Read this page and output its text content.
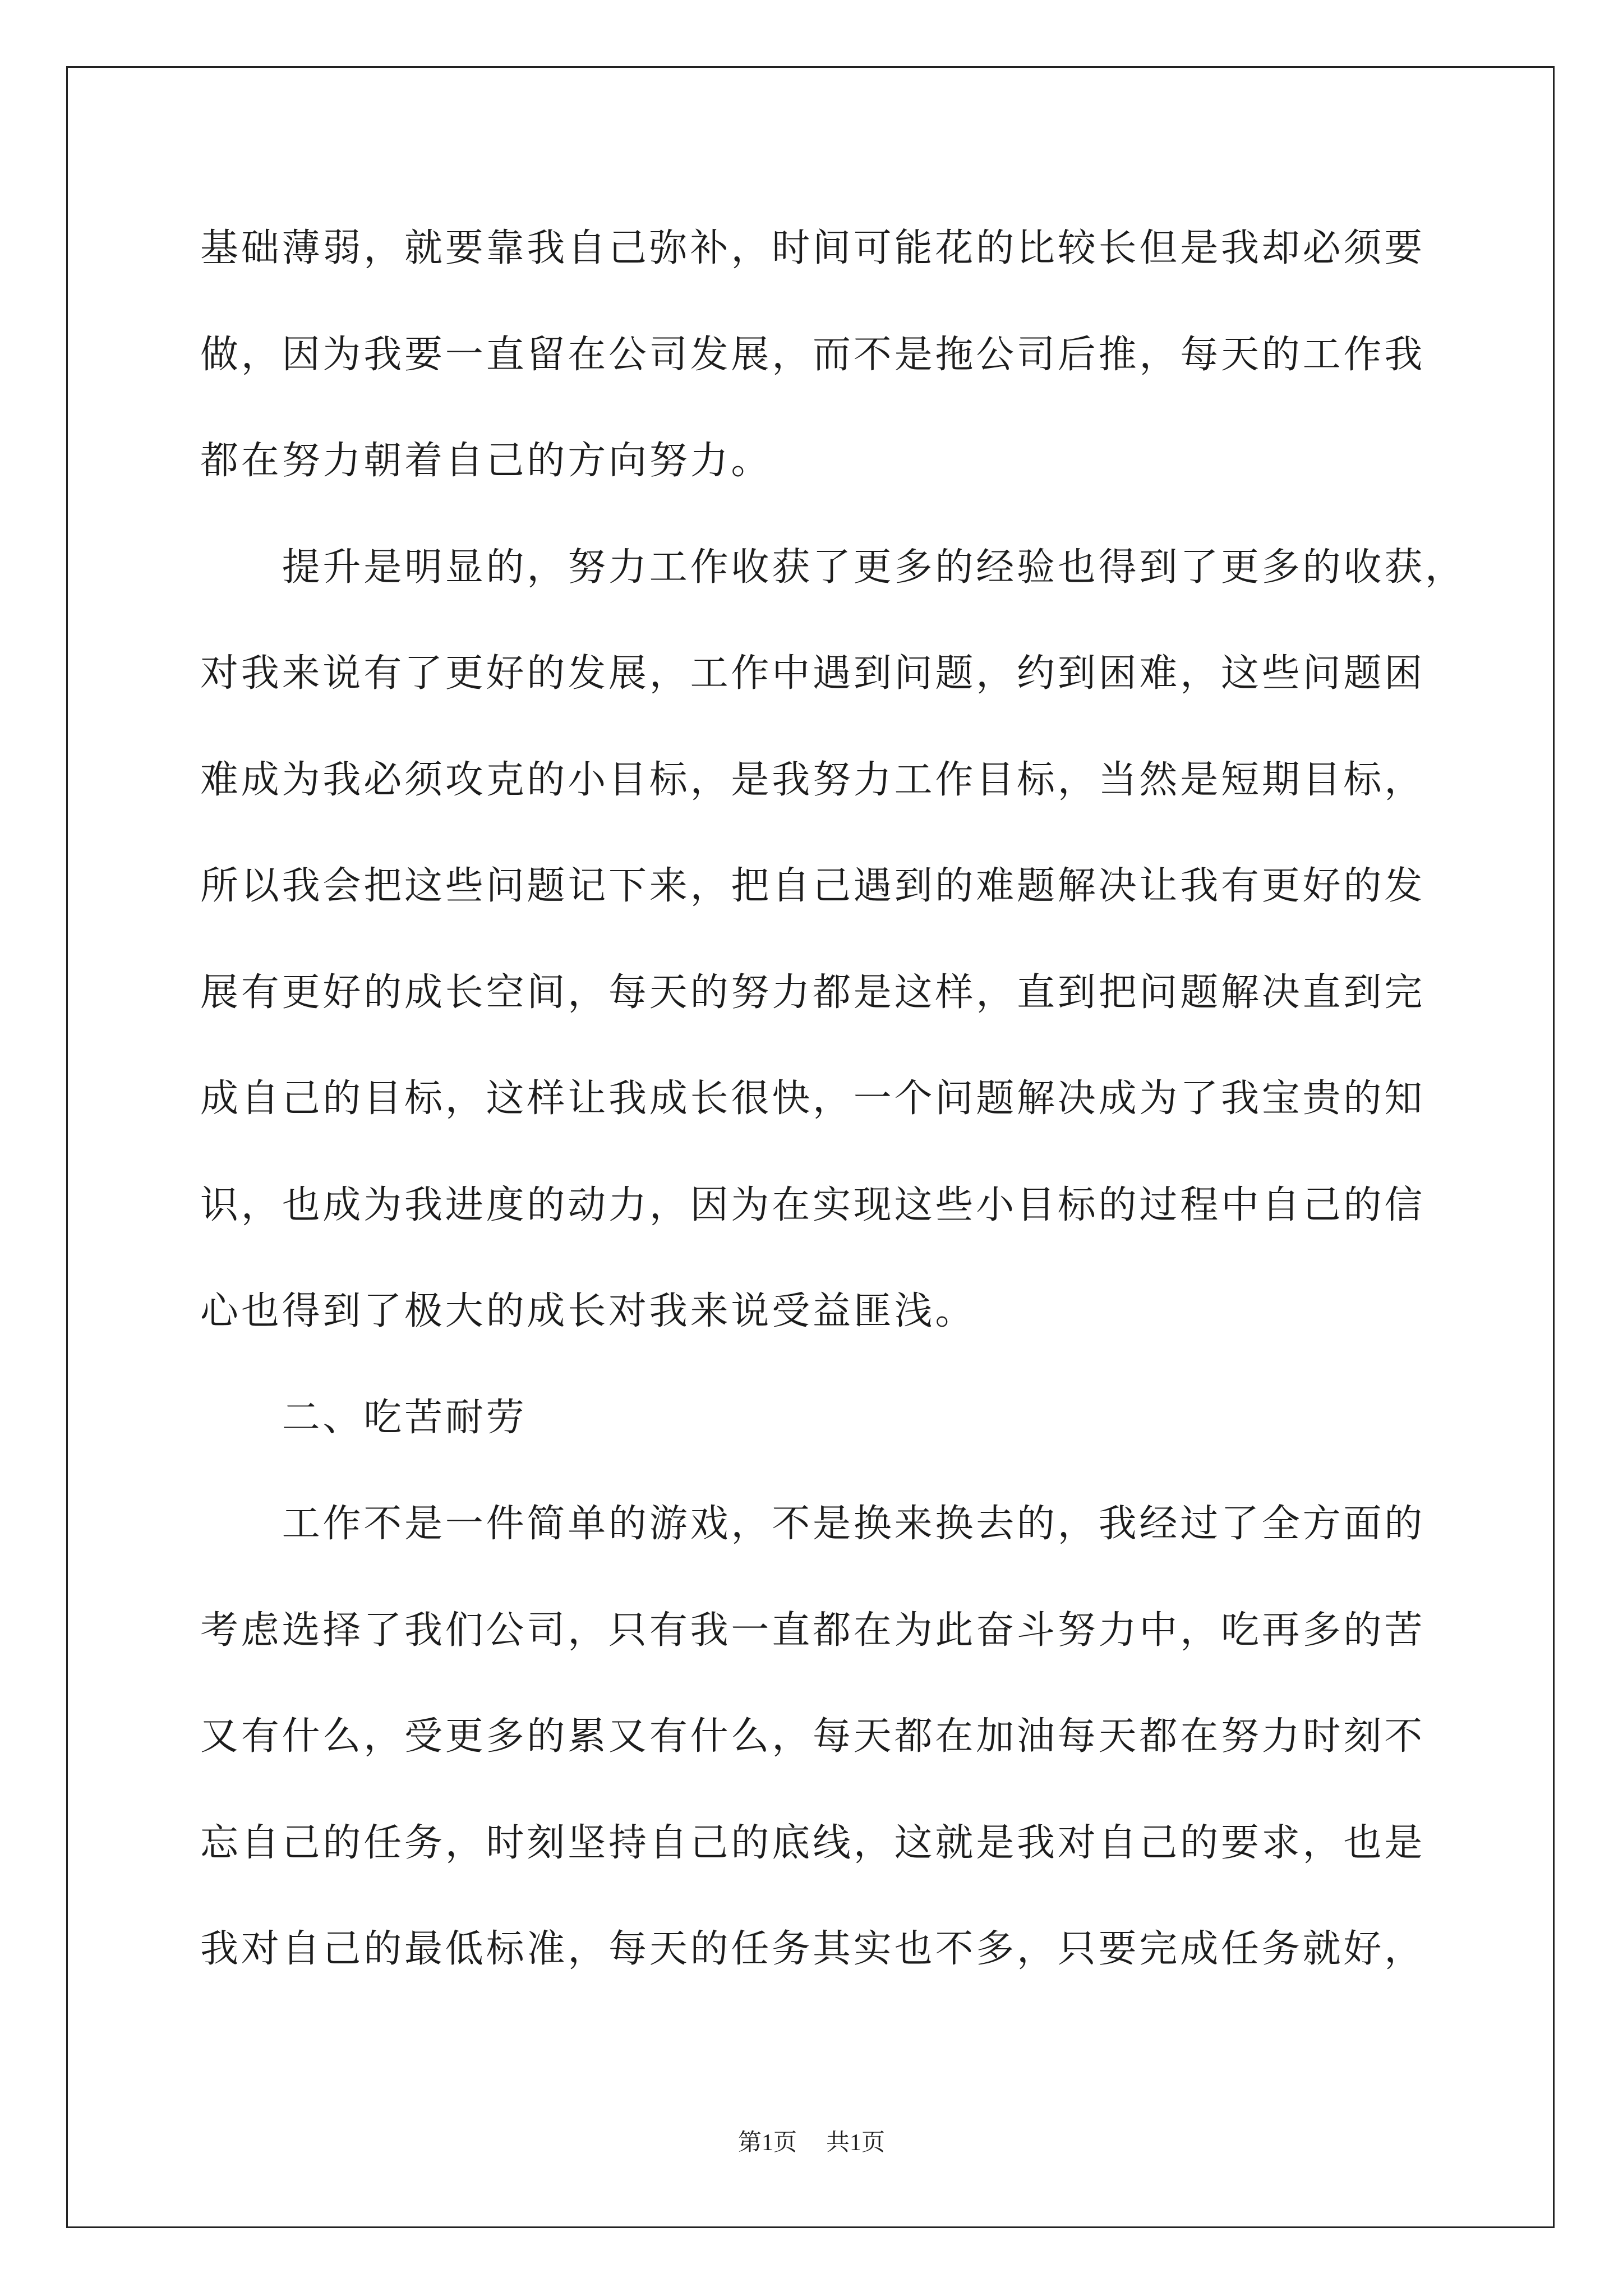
基础薄弱，就要靠我自己弥补，时间可能花的比较长但是我却必须要
做，因为我要一直留在公司发展，而不是拖公司后推，每天的工作我
都在努力朝着自己的方向努力。
提升是明显的，努力工作收获了更多的经验也得到了更多的收获，
对我来说有了更好的发展，工作中遇到问题，约到困难，这些问题困
难成为我必须攻克的小目标，是我努力工作目标，当然是短期目标，
所以我会把这些问题记下来，把自己遇到的难题解决让我有更好的发
展有更好的成长空间，每天的努力都是这样，直到把问题解决直到完
成自己的目标，这样让我成长很快，一个问题解决成为了我宝贵的知
识，也成为我进度的动力，因为在实现这些小目标的过程中自己的信
心也得到了极大的成长对我来说受益匪浅。
二、吃苦耐劳
工作不是一件简单的游戏，不是换来换去的，我经过了全方面的
考虑选择了我们公司，只有我一直都在为此奋斗努力中，吃再多的苦
又有什么，受更多的累又有什么，每天都在加油每天都在努力时刻不
忘自己的任务，时刻坚持自己的底线，这就是我对自己的要求，也是
我对自己的最低标准，每天的任务其实也不多，只要完成任务就好，
第1页 共1页
